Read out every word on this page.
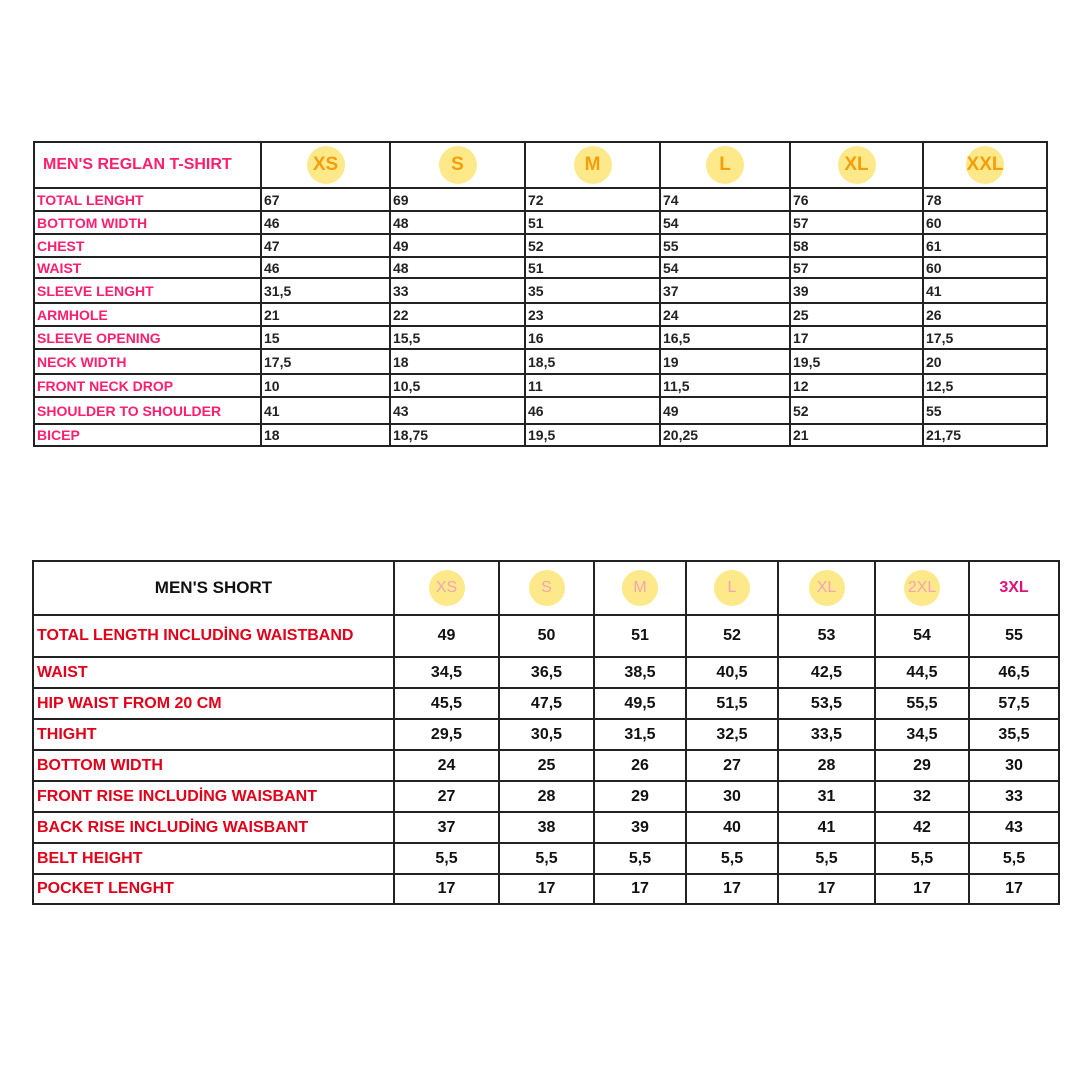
MEN'S REGLAN T-SHIRT	XS	S	M	L	XL	XXL
TOTAL LENGHT	67	69	72	74	76	78
BOTTOM WIDTH	46	48	51	54	57	60
CHEST	47	49	52	55	58	61
WAIST	46	48	51	54	57	60
SLEEVE LENGHT	31,5	33	35	37	39	41
ARMHOLE	21	22	23	24	25	26
SLEEVE OPENING	15	15,5	16	16,5	17	17,5
NECK WIDTH	17,5	18	18,5	19	19,5	20
FRONT NECK DROP	10	10,5	11	11,5	12	12,5
SHOULDER TO SHOULDER	41	43	46	49	52	55
BICEP	18	18,75	19,5	20,25	21	21,75
MEN'S SHORT	XS	S	M	L	XL	2XL	3XL
TOTAL LENGTH INCLUDİNG WAISTBAND	49	50	51	52	53	54	55
WAIST	34,5	36,5	38,5	40,5	42,5	44,5	46,5
HIP WAIST FROM 20 CM	45,5	47,5	49,5	51,5	53,5	55,5	57,5
THIGHT	29,5	30,5	31,5	32,5	33,5	34,5	35,5
BOTTOM WIDTH	24	25	26	27	28	29	30
FRONT RISE INCLUDİNG WAISBANT	27	28	29	30	31	32	33
BACK RISE INCLUDİNG WAISBANT	37	38	39	40	41	42	43
BELT HEIGHT	5,5	5,5	5,5	5,5	5,5	5,5	5,5
POCKET LENGHT	17	17	17	17	17	17	17
